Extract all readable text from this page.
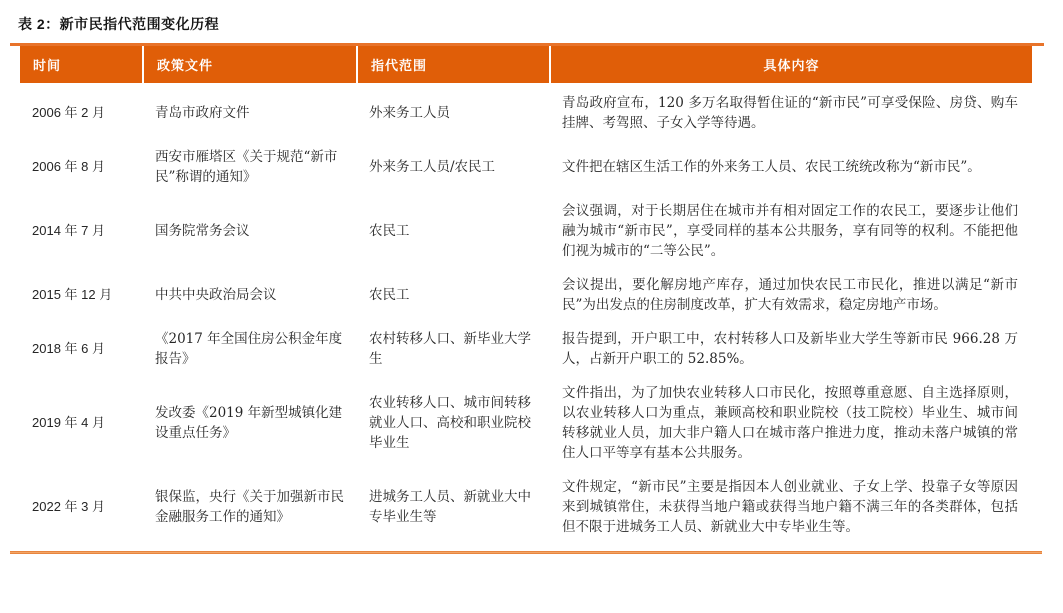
表 2：新市民指代范围变化历程
时间	政策文件	指代范围	具体内容
2006 年 2 月	青岛市政府文件	外来务工人员	青岛政府宣布，120 多万名取得暂住证的“新市民”可享受保险、房贷、购车挂牌、考驾照、子女入学等待遇。
2006 年 8 月	西安市雁塔区《关于规范“新市民”称谓的通知》	外来务工人员/农民工	文件把在辖区生活工作的外来务工人员、农民工统统改称为“新市民”。
2014 年 7 月	国务院常务会议	农民工	会议强调，对于长期居住在城市并有相对固定工作的农民工，要逐步让他们融为城市“新市民”，享受同样的基本公共服务，享有同等的权利。不能把他们视为城市的“二等公民”。
2015 年 12 月	中共中央政治局会议	农民工	会议提出，要化解房地产库存，通过加快农民工市民化，推进以满足“新市民”为出发点的住房制度改革，扩大有效需求，稳定房地产市场。
2018 年 6 月	《2017 年全国住房公积金年度报告》	农村转移人口、新毕业大学生	报告提到，开户职工中，农村转移人口及新毕业大学生等新市民 966.28 万人，占新开户职工的 52.85%。
2019 年 4 月	发改委《2019 年新型城镇化建设重点任务》	农业转移人口、城市间转移就业人口、高校和职业院校毕业生	文件指出，为了加快农业转移人口市民化，按照尊重意愿、自主选择原则，以农业转移人口为重点，兼顾高校和职业院校（技工院校）毕业生、城市间转移就业人员，加大非户籍人口在城市落户推进力度，推动未落户城镇的常住人口平等享有基本公共服务。
2022 年 3 月	银保监，央行《关于加强新市民金融服务工作的通知》	进城务工人员、新就业大中专毕业生等	文件规定，“新市民”主要是指因本人创业就业、子女上学、投靠子女等原因来到城镇常住，未获得当地户籍或获得当地户籍不满三年的各类群体，包括但不限于进城务工人员、新就业大中专毕业生等。
